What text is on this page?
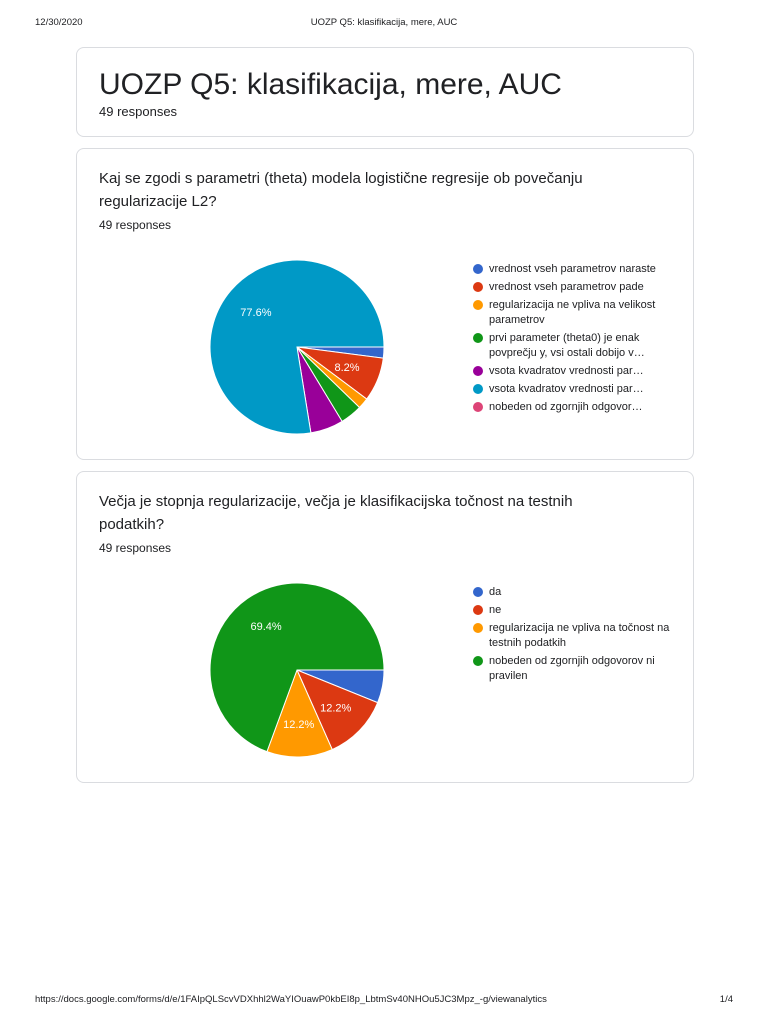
12/30/2020	UOZP Q5: klasifikacija, mere, AUC
UOZP Q5: klasifikacija, mere, AUC
49 responses
Kaj se zgodi s parametri (theta) modela logistične regresije ob povečanju regularizacije L2?
49 responses
8.2%
77.6%
vrednost vseh parametrov naraste
vrednost vseh parametrov pade
regularizacija ne vpliva na velikost parametrov
prvi parameter (theta0) je enak povprečju y, vsi ostali dobijo v…
vsota kvadratov vrednosti par…
vsota kvadratov vrednosti par…
nobeden od zgornjih odgovor…
Večja je stopnja regularizacije, večja je klasifikacijska točnost na testnih podatkih?
49 responses
12.2%
12.2%
69.4%
da
ne
regularizacija ne vpliva na točnost na testnih podatkih
nobeden od zgornjih odgovorov ni pravilen
https://docs.google.com/forms/d/e/1FAIpQLScvVDXhhl2WaYIOuawP0kbEI8p_LbtmSv40NHOu5JC3Mpz_-g/viewanalytics	1/4
